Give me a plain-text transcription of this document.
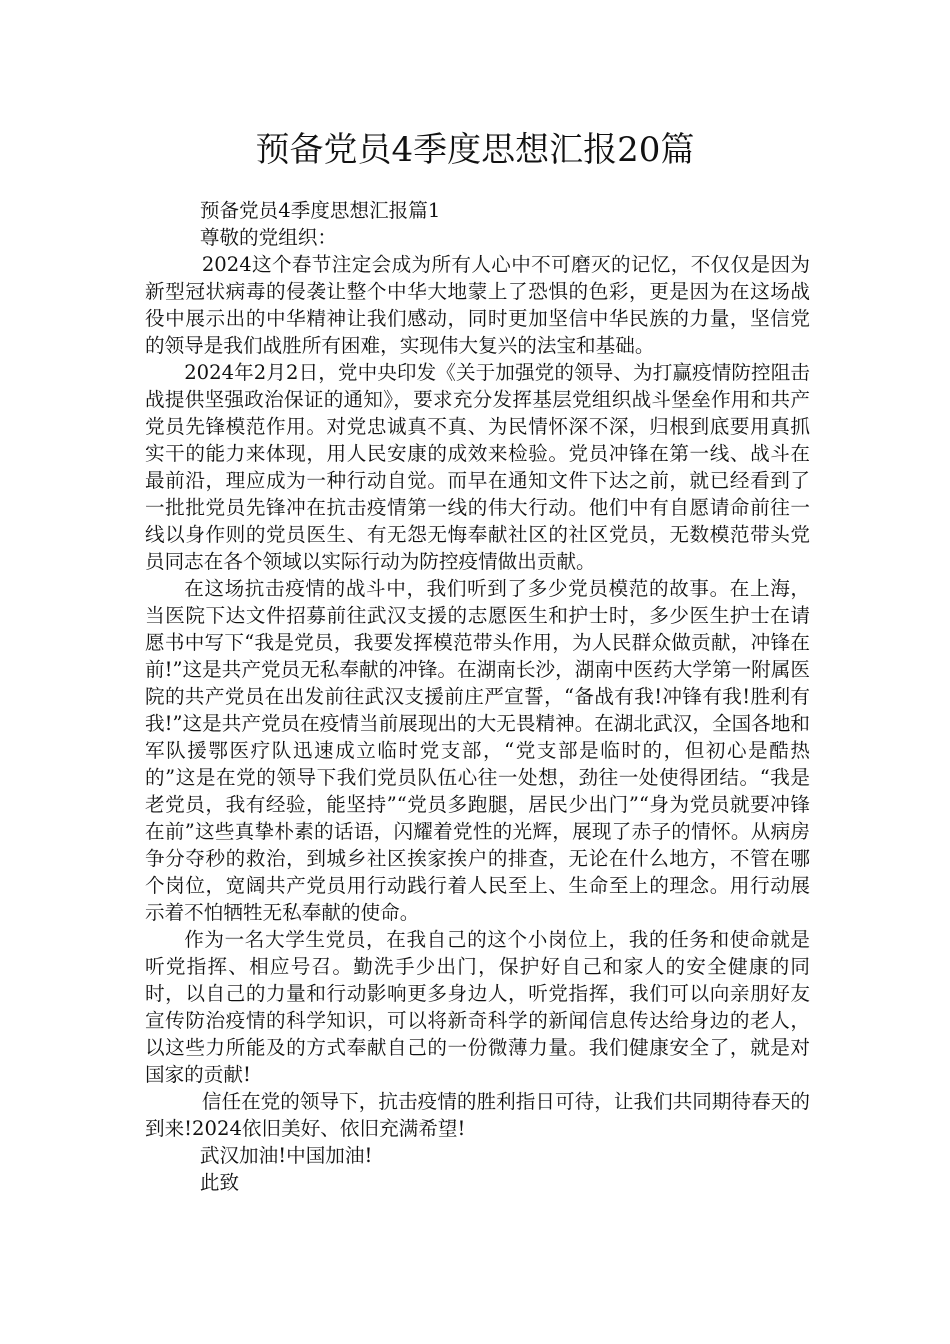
预备党员4季度思想汇报20篇

预备党员4季度思想汇报篇1

尊敬的党组织：

2024这个春节注定会成为所有人心中不可磨灭的记忆，不仅仅是因为新型冠状病毒的侵袭让整个中华大地蒙上了恐惧的色彩，更是因为在这场战役中展示出的中华精神让我们感动，同时更加坚信中华民族的力量，坚信党的领导是我们战胜所有困难，实现伟大复兴的法宝和基础。

2024年2月2日，党中央印发《关于加强党的领导、为打赢疫情防控阻击战提供坚强政治保证的通知》，要求充分发挥基层党组织战斗堡垒作用和共产党员先锋模范作用。对党忠诚真不真、为民情怀深不深，归根到底要用真抓实干的能力来体现，用人民安康的成效来检验。党员冲锋在第一线、战斗在最前沿，理应成为一种行动自觉。而早在通知文件下达之前，就已经看到了一批批党员先锋冲在抗击疫情第一线的伟大行动。他们中有自愿请命前往一线以身作则的党员医生、有无怨无悔奉献社区的社区党员，无数模范带头党员同志在各个领域以实际行动为防控疫情做出贡献。

在这场抗击疫情的战斗中，我们听到了多少党员模范的故事。在上海，当医院下达文件招募前往武汉支援的志愿医生和护士时，多少医生护士在请愿书中写下“我是党员，我要发挥模范带头作用，为人民群众做贡献，冲锋在前!”这是共产党员无私奉献的冲锋。在湖南长沙，湖南中医药大学第一附属医院的共产党员在出发前往武汉支援前庄严宣誓，“备战有我!冲锋有我!胜利有我!”这是共产党员在疫情当前展现出的大无畏精神。在湖北武汉，全国各地和军队援鄂医疗队迅速成立临时党支部，“党支部是临时的，但初心是酷热的”这是在党的领导下我们党员队伍心往一处想，劲往一处使得团结。“我是老党员，我有经验，能坚持”“党员多跑腿，居民少出门”“身为党员就要冲锋在前”这些真挚朴素的话语，闪耀着党性的光辉，展现了赤子的情怀。从病房争分夺秒的救治，到城乡社区挨家挨户的排查，无论在什么地方，不管在哪个岗位，宽阔共产党员用行动践行着人民至上、生命至上的理念。用行动展示着不怕牺牲无私奉献的使命。

作为一名大学生党员，在我自己的这个小岗位上，我的任务和使命就是听党指挥、相应号召。勤洗手少出门，保护好自己和家人的安全健康的同时，以自己的力量和行动影响更多身边人，听党指挥，我们可以向亲朋好友宣传防治疫情的科学知识，可以将新奇科学的新闻信息传达给身边的老人，以这些力所能及的方式奉献自己的一份微薄力量。我们健康安全了，就是对国家的贡献!

信任在党的领导下，抗击疫情的胜利指日可待，让我们共同期待春天的到来!2024依旧美好、依旧充满希望!

武汉加油!中国加油!

此致
